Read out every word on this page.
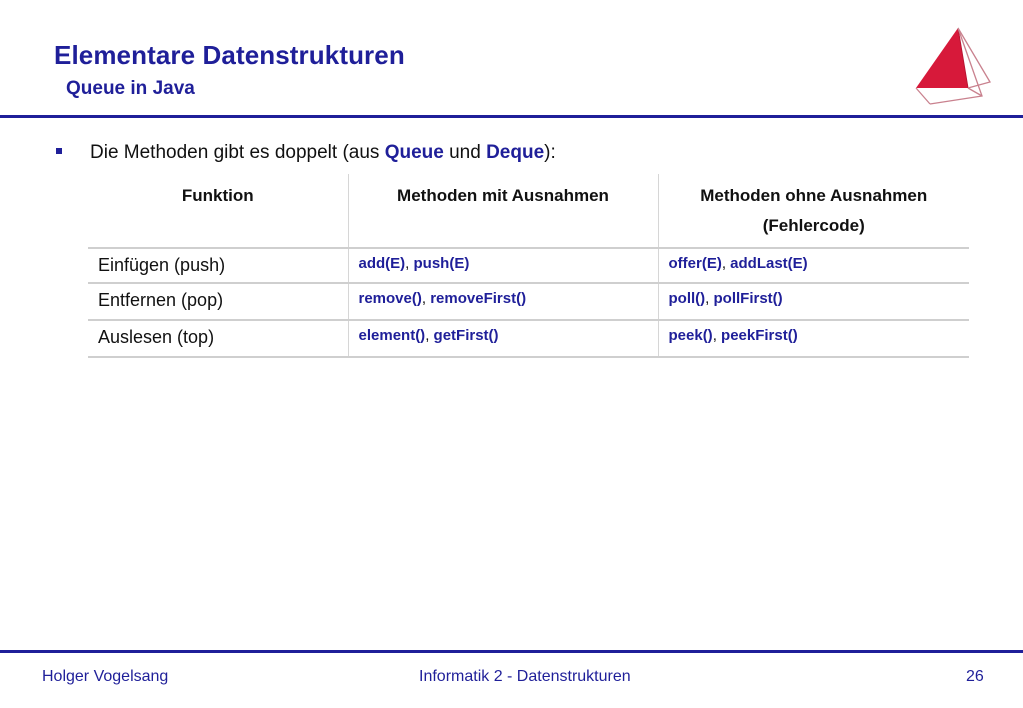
Elementare Datenstrukturen
Queue in Java
Die Methoden gibt es doppelt (aus Queue und Deque):
Funktion	Methoden mit Ausnahmen	Methoden ohne Ausnahmen
(Fehlercode)
Einfügen (push)	add(E), push(E)	offer(E), addLast(E)
Entfernen (pop)	remove(), removeFirst()	poll(), pollFirst()
Auslesen (top)	element(), getFirst()	peek(), peekFirst()
Holger Vogelsang	Informatik 2 - Datenstrukturen	26
